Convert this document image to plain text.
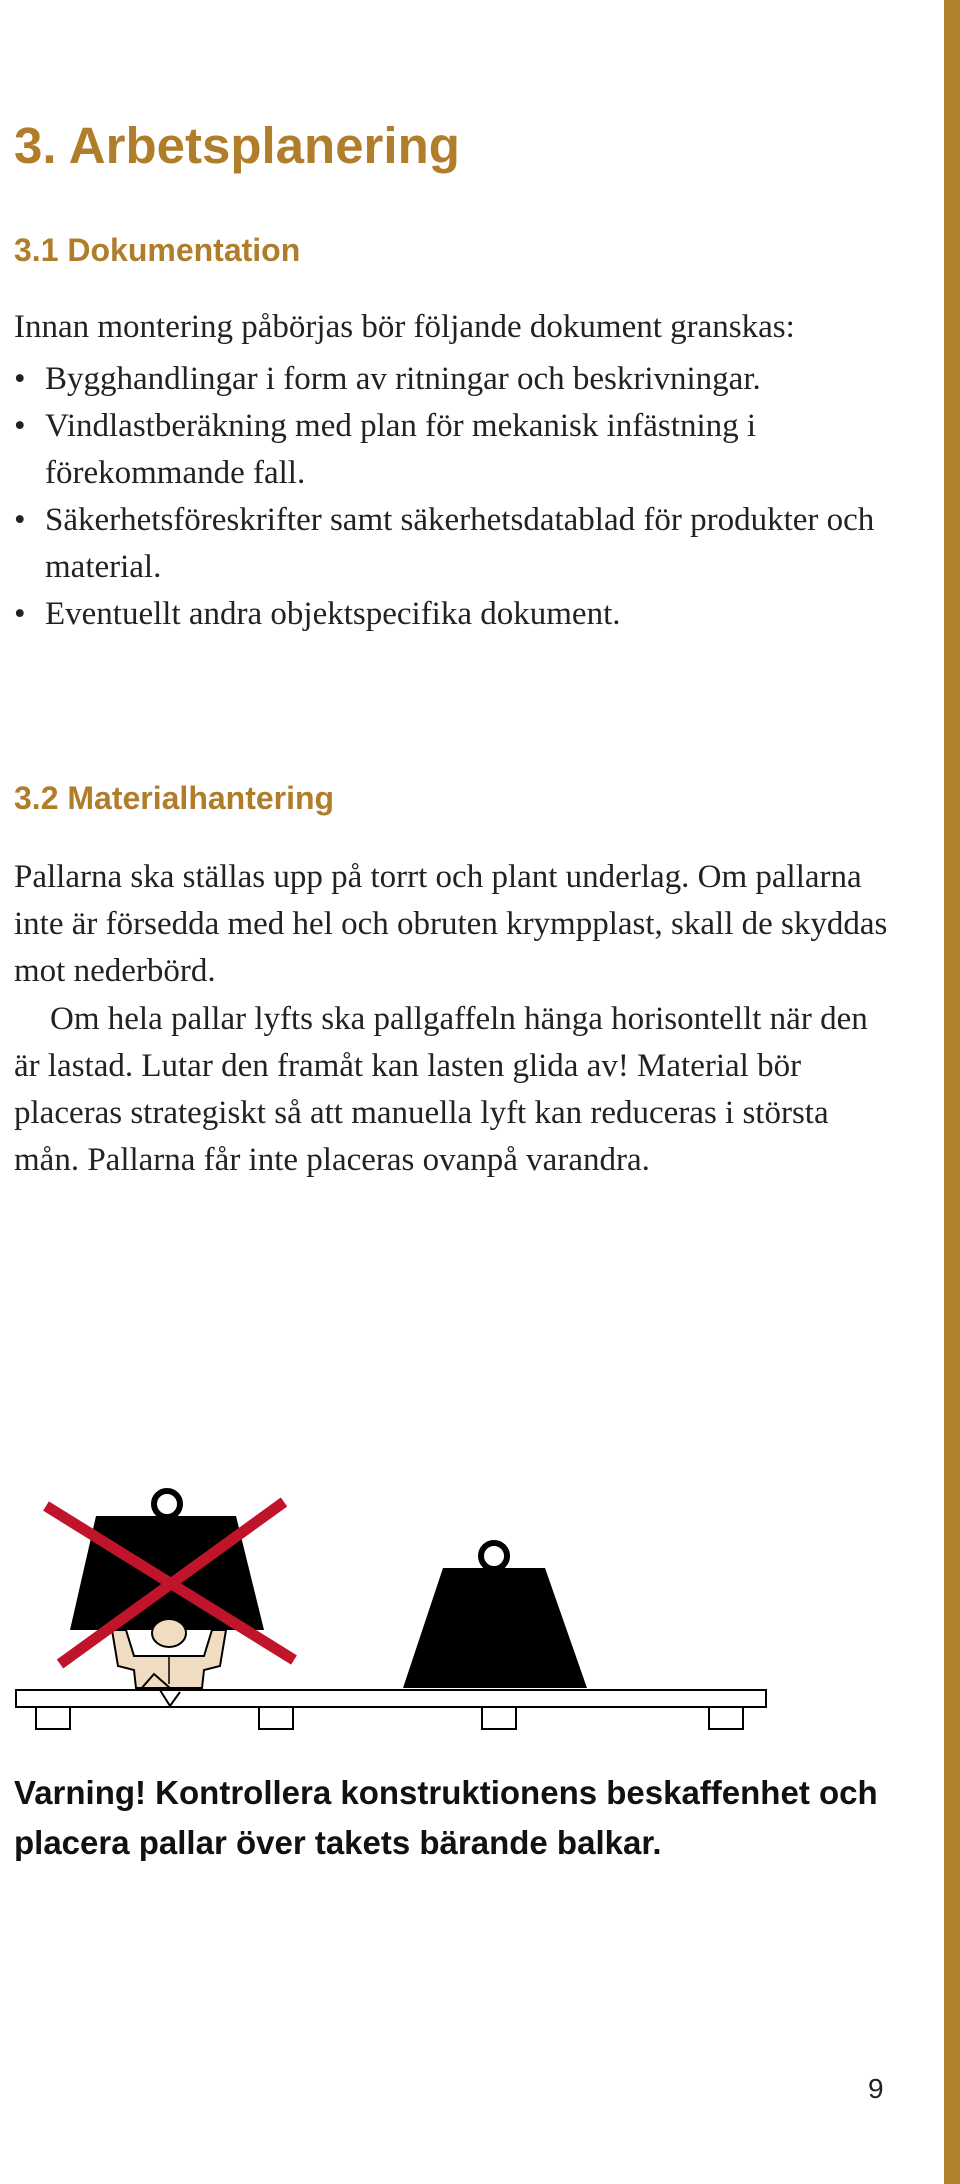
3. Arbetsplanering
3.1 Dokumentation
Innan montering påbörjas bör följande dokument granskas:
• Bygghandlingar i form av ritningar och beskrivningar.
• Vindlastberäkning med plan för mekanisk infästning i förekommande fall.
• Säkerhetsföreskrifter samt säkerhetsdatablad för produkter och material.
• Eventuellt andra objektspecifika dokument.
3.2 Materialhantering

Pallarna ska ställas upp på torrt och plant underlag. Om pallarna inte är försedda med hel och obruten krympplast, skall de skyddas mot nederbörd.

Om hela pallar lyfts ska pallgaffeln hänga horisontellt när den är lastad. Lutar den framåt kan lasten glida av! Material bör placeras strategiskt så att manuella lyft kan reduceras i största mån. Pallarna får inte placeras ovanpå varandra.

Varning! Kontrollera konstruktionens beskaffenhet och placera pallar över takets bärande balkar.

9
